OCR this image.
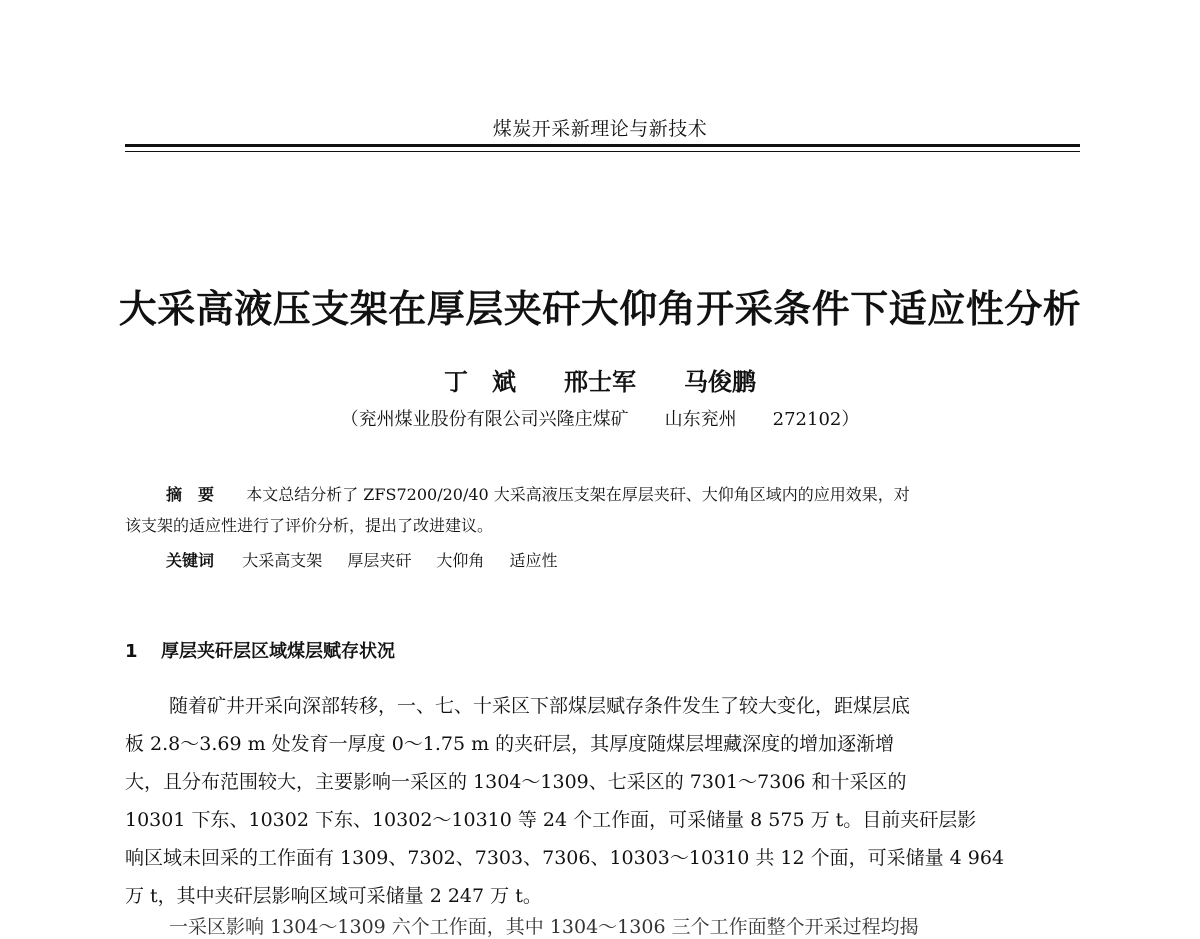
煤炭开采新理论与新技术
大采高液压支架在厚层夹矸大仰角开采条件下适应性分析
丁　斌　　邢士军　　马俊鹏
（兖州煤业股份有限公司兴隆庄煤矿　　山东兖州　　272102）
摘　要 本文总结分析了 ZFS7200/20/40 大采高液压支架在厚层夹矸、大仰角区域内的应用效果，对
该支架的适应性进行了评价分析，提出了改进建议。
关键词 大采高支架 厚层夹矸 大仰角 适应性
1 厚层夹矸层区域煤层赋存状况
随着矿井开采向深部转移，一、七、十采区下部煤层赋存条件发生了较大变化，距煤层底
板 2.8～3.69 m 处发育一厚度 0～1.75 m 的夹矸层，其厚度随煤层埋藏深度的增加逐渐增
大，且分布范围较大，主要影响一采区的 1304～1309、七采区的 7301～7306 和十采区的
10301 下东、10302 下东、10302～10310 等 24 个工作面，可采储量 8 575 万 t。目前夹矸层影
响区域未回采的工作面有 1309、7302、7303、7306、10303～10310 共 12 个面，可采储量 4 964
万 t，其中夹矸层影响区域可采储量 2 247 万 t。
一采区影响 1304～1309 六个工作面，其中 1304～1306 三个工作面整个开采过程均揭
